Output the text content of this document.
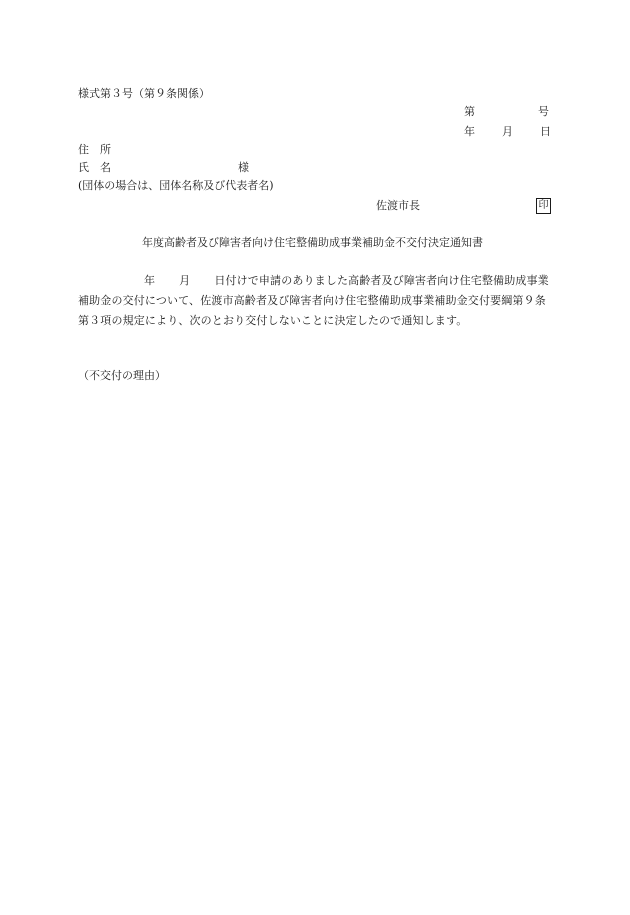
様式第３号（第９条関係）
第	号
年 月 日
住　所
氏　名	様
(団体の場合は、団体名称及び代表者名)
佐渡市長	印
年度高齢者及び障害者向け住宅整備助成事業補助金不交付決定通知書
年 月 日付けで申請のありました高齢者及び障害者向け住宅整備助成事業補助金の交付について、佐渡市高齢者及び障害者向け住宅整備助成事業補助金交付要綱第９条第３項の規定により、次のとおり交付しないことに決定したので通知します。
（不交付の理由）
